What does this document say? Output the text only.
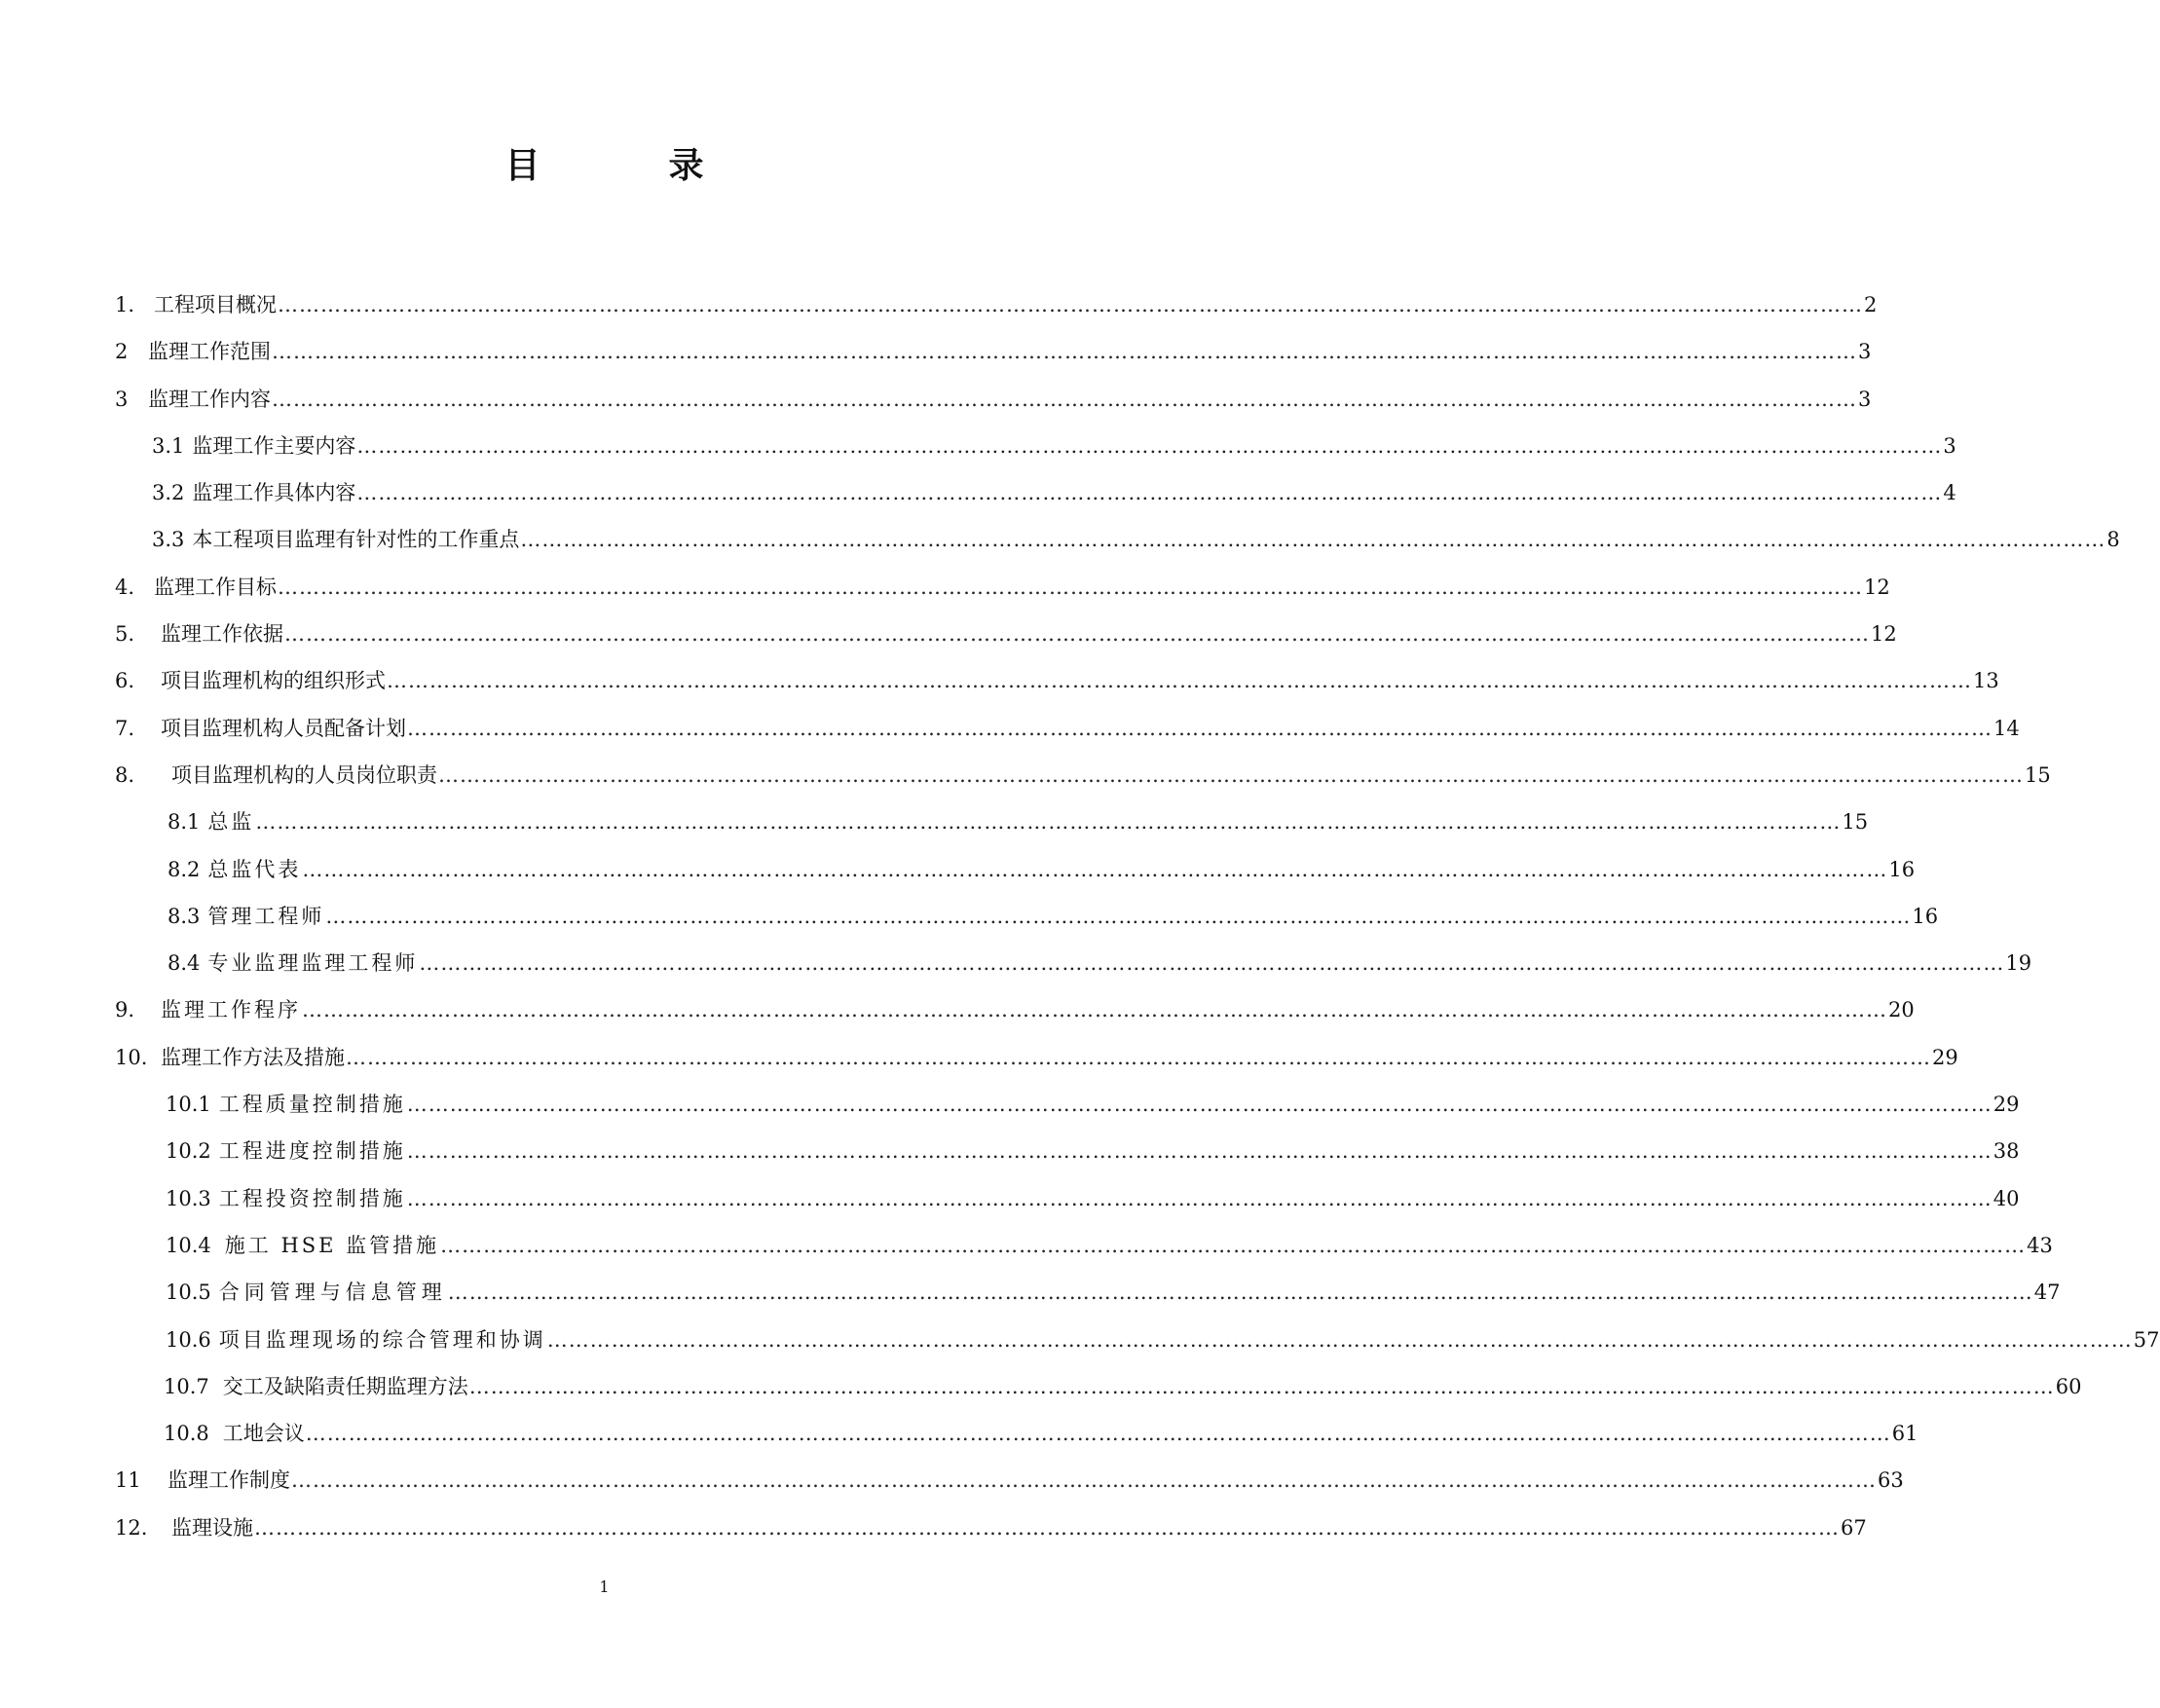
目　录
1. 工程项目概况 …………………………………………………………………………………………………………………………………………………………………………………………………… 2
2 监理工作范围 …………………………………………………………………………………………………………………………………………………………………………………………………… 3
3 监理工作内容 …………………………………………………………………………………………………………………………………………………………………………………………………… 3
3.1 监理工作主要内容 …………………………………………………………………………………………………………………………………………………………………………………………………… 3
3.2 监理工作具体内容 …………………………………………………………………………………………………………………………………………………………………………………………………… 4
3.3 本工程项目监理有针对性的工作重点 …………………………………………………………………………………………………………………………………………………………………………………………………… 8
4. 监理工作目标 …………………………………………………………………………………………………………………………………………………………………………………………………… 12
5.	监理工作依据 …………………………………………………………………………………………………………………………………………………………………………………………………… 12
6.	项目监理机构的组织形式 …………………………………………………………………………………………………………………………………………………………………………………………………… 13
7.	项目监理机构人员配备计划 …………………………………………………………………………………………………………………………………………………………………………………………………… 14
8.	项目监理机构的人员岗位职责 …………………………………………………………………………………………………………………………………………………………………………………………………… 15
8.1 总监 …………………………………………………………………………………………………………………………………………………………………………………………………… 15
8.2 总监代表 …………………………………………………………………………………………………………………………………………………………………………………………………… 16
8.3 管理工程师 …………………………………………………………………………………………………………………………………………………………………………………………………… 16
8.4 专业监理监理工程师 …………………………………………………………………………………………………………………………………………………………………………………………………… 19
9.	监理工作程序 …………………………………………………………………………………………………………………………………………………………………………………………………… 20
10. 监理工作方法及措施 …………………………………………………………………………………………………………………………………………………………………………………………………… 29
10.1 工程质量控制措施 …………………………………………………………………………………………………………………………………………………………………………………………………… 29
10.2 工程进度控制措施 …………………………………………………………………………………………………………………………………………………………………………………………………… 38
10.3 工程投资控制措施 …………………………………………………………………………………………………………………………………………………………………………………………………… 40
10.4 施工 HSE 监管措施 …………………………………………………………………………………………………………………………………………………………………………………………………… 43
10.5 合同管理与信息管理 …………………………………………………………………………………………………………………………………………………………………………………………………… 47
10.6 项目监理现场的综合管理和协调 …………………………………………………………………………………………………………………………………………………………………………………………………… 57
10.7 交工及缺陷责任期监理方法 …………………………………………………………………………………………………………………………………………………………………………………………………… 60
10.8 工地会议 …………………………………………………………………………………………………………………………………………………………………………………………………… 61
11	监理工作制度 …………………………………………………………………………………………………………………………………………………………………………………………………… 63
12.	监理设施 …………………………………………………………………………………………………………………………………………………………………………………………………… 67
1
